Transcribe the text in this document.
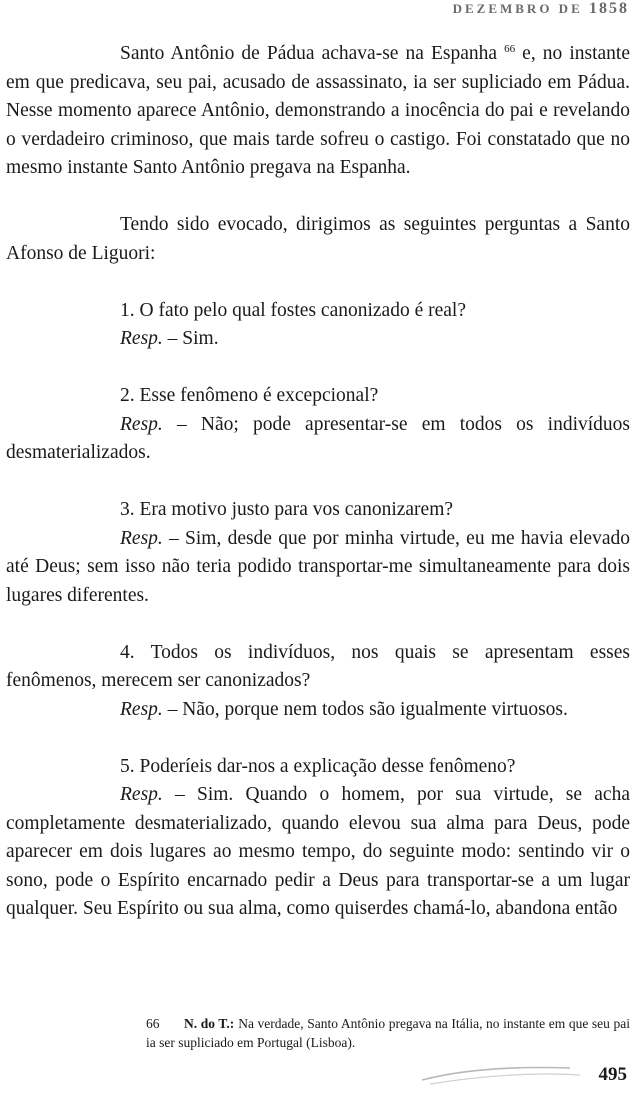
DEZEMBRO DE 1858

Santo Antônio de Pádua achava-se na Espanha $^{66}$ e, no instante em que predicava, seu pai, acusado de assassinato, ia ser supliciado em Pádua. Nesse momento aparece Antônio, demonstrando a inocência do pai e revelando o verdadeiro criminoso, que mais tarde sofreu o castigo. Foi constatado que no mesmo instante Santo Antônio pregava na Espanha.

Tendo sido evocado, dirigimos as seguintes perguntas a Santo Afonso de Liguori:

1. O fato pelo qual fostes canonizado é real?

Resp. – Sim.

2. Esse fenômeno é excepcional?

Resp. – Não; pode apresentar-se em todos os indivíduos desmaterializados.

3. Era motivo justo para vos canonizarem?

Resp. – Sim, desde que por minha virtude, eu me havia elevado até Deus; sem isso não teria podido transportar-me simultaneamente para dois lugares diferentes.

4. Todos os indivíduos, nos quais se apresentam esses fenômenos, merecem ser canonizados?

Resp. – Não, porque nem todos são igualmente virtuosos.

5. Poderíeis dar-nos a explicação desse fenômeno?

Resp. – Sim. Quando o homem, por sua virtude, se acha completamente desmaterializado, quando elevou sua alma para Deus, pode aparecer em dois lugares ao mesmo tempo, do seguinte modo: sentindo vir o sono, pode o Espírito encarnado pedir a Deus para transportar-se a um lugar qualquer. Seu Espírito ou sua alma, como quiserdes chamá-lo, abandona então

66 N. do T.: Na verdade, Santo Antônio pregava na Itália, no instante em que seu pai ia ser supliciado em Portugal (Lisboa).
495
